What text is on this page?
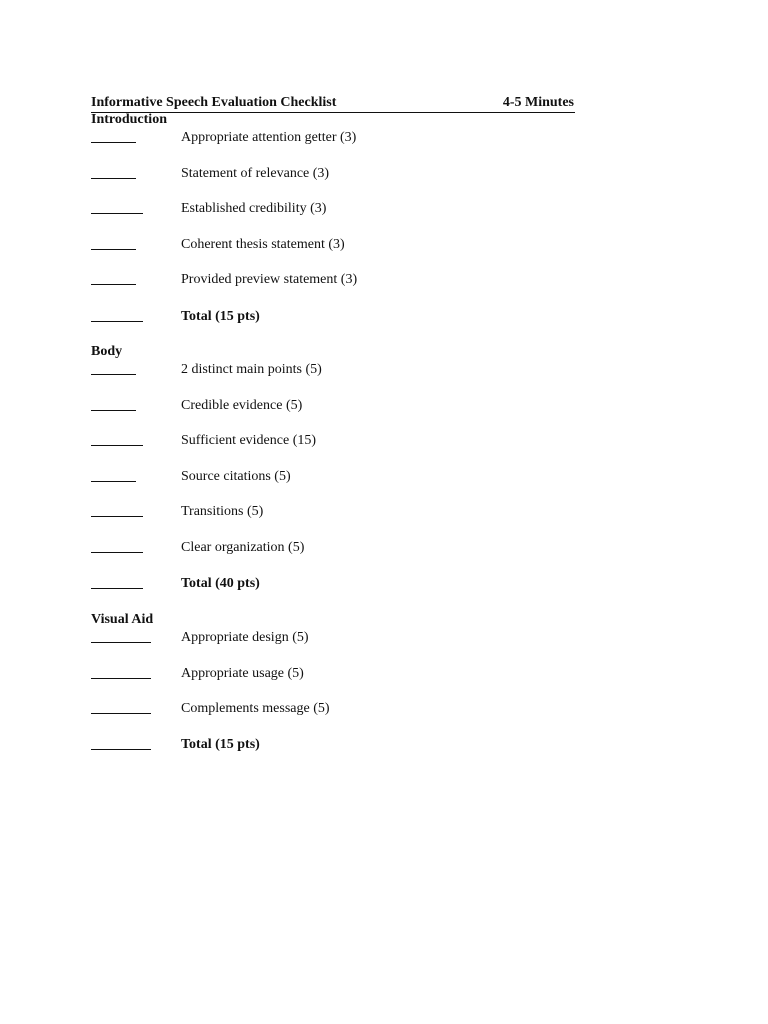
Informative Speech Evaluation Checklist	4-5 Minutes
Introduction
Appropriate attention getter (3)
Statement of relevance (3)
Established credibility (3)
Coherent thesis statement (3)
Provided preview statement (3)
Total (15 pts)
Body
2 distinct main points (5)
Credible evidence (5)
Sufficient evidence (15)
Source citations (5)
Transitions (5)
Clear organization (5)
Total (40 pts)
Visual Aid
Appropriate design (5)
Appropriate usage (5)
Complements message (5)
Total (15 pts)
